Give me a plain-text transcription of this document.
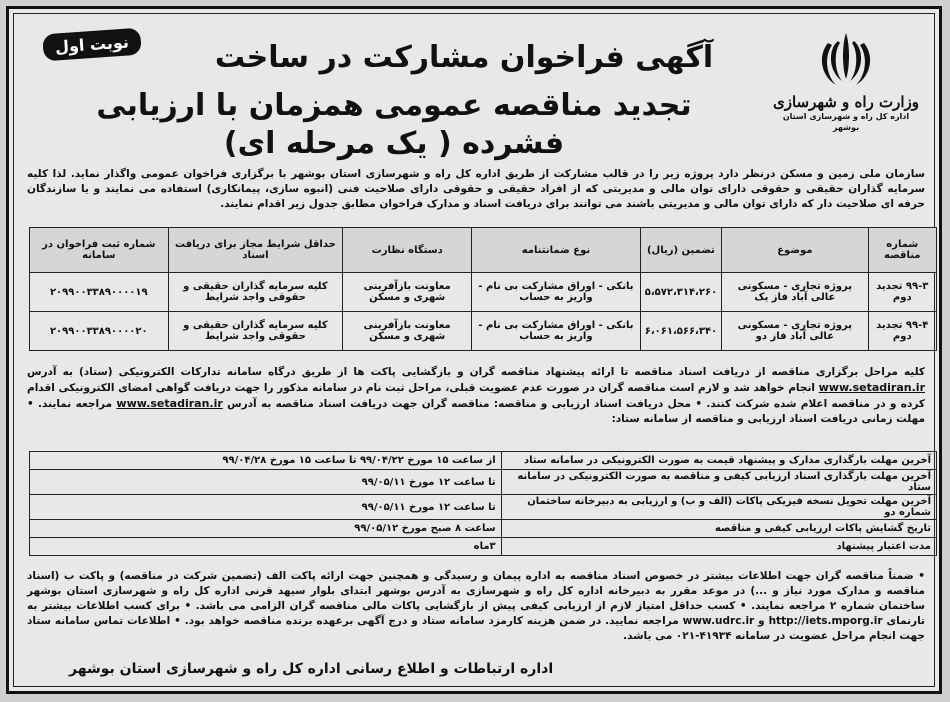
نوبت اول	آگهی فراخوان مشارکت در ساخت
تجدید مناقصه عمومی همزمان با ارزیابی فشرده ( یک مرحله ای)
وزارت راه و شهرسازی
اداره کل راه و شهرسازی استان بوشهر
سازمان ملی زمین و مسکن درنظر دارد پروژه زیر را در قالب مشارکت از طریق اداره کل راه و شهرسازی استان بوشهر با برگزاری فراخوان عمومی واگذار نماید. لذا کلیه سرمایه گذاران حقیقی و حقوقی دارای توان مالی و مدیریتی که از افراد حقیقی و حقوقی دارای صلاحیت فنی (انبوه سازی، پیمانکاری) استفاده می نمایند و یا سازندگان حرفه ای صلاحیت دار که دارای توان مالی و مدیریتی باشند می توانند برای دریافت اسناد و مدارک فراخوان مطابق جدول زیر اقدام نمایند.
شماره مناقصه	موضوع	تضمین (ریال)	نوع ضمانتنامه	دستگاه نظارت	حداقل شرایط مجاز برای دریافت اسناد	شماره ثبت فراخوان در سامانه
۹۹-۳ تجدید دوم	پروژه تجاری - مسکونی عالی آباد فاز یک	۵،۵۷۲،۳۱۴،۲۶۰	بانکی - اوراق مشارکت بی نام - واریز به حساب	معاونت بازآفرینی شهری و مسکن	کلیه سرمایه گذاران حقیقی و حقوقی واجد شرایط	۲۰۹۹۰۰۳۳۸۹۰۰۰۰۱۹
۹۹-۴ تجدید دوم	پروژه تجاری - مسکونی عالی آباد فاز دو	۶،۰۶۱،۵۶۶،۳۴۰	بانکی - اوراق مشارکت بی نام - واریز به حساب	معاونت بازآفرینی شهری و مسکن	کلیه سرمایه گذاران حقیقی و حقوقی واجد شرایط	۲۰۹۹۰۰۳۳۸۹۰۰۰۰۲۰
کلیه مراحل برگزاری مناقصه از دریافت اسناد مناقصه تا ارائه پیشنهاد مناقصه گران و بازگشایی پاکت ها از طریق درگاه سامانه تدارکات الکترونیکی (ستاد) به آدرس www.setadiran.ir انجام خواهد شد و لازم است مناقصه گران در صورت عدم عضویت قبلی، مراحل ثبت نام در سامانه مذکور را جهت دریافت گواهی امضای الکترونیکی اقدام کرده و در مناقصه اعلام شده شرکت کنند. • محل دریافت اسناد ارزیابی و مناقصه: مناقصه گران جهت دریافت اسناد مناقصه به آدرس www.setadiran.ir مراجعه نمایند. • مهلت زمانی دریافت اسناد ارزیابی و مناقصه از سامانه ستاد:
آخرین مهلت بارگذاری مدارک و پیشنهاد قیمت به صورت الکترونیکی در سامانه ستاد	از ساعت ۱۵ مورخ ۹۹/۰۴/۲۲ تا ساعت ۱۵ مورخ ۹۹/۰۴/۲۸
آخرین مهلت بارگذاری اسناد ارزیابی کیفی و مناقصه به صورت الکترونیکی در سامانه ستاد	تا ساعت ۱۲ مورخ ۹۹/۰۵/۱۱
آخرین مهلت تحویل نسخه فیزیکی پاکات (الف و ب) و ارزیابی به دبیرخانه ساختمان شماره دو	تا ساعت ۱۲ مورخ ۹۹/۰۵/۱۱
تاریخ گشایش پاکات ارزیابی کیفی و مناقصه	ساعت ۸ صبح مورخ ۹۹/۰۵/۱۲
مدت اعتبار پیشنهاد	۳ماه
• ضمناً مناقصه گران جهت اطلاعات بیشتر در خصوص اسناد مناقصه به اداره پیمان و رسیدگی و همچنین جهت ارائه پاکت الف (تضمین شرکت در مناقصه) و پاکت ب (اسناد مناقصه و مدارک مورد نیاز و ...) در موعد مقرر به دبیرخانه اداره کل راه و شهرسازی به آدرس بوشهر ابتدای بلوار سیهد قرنی اداره کل راه و شهرسازی استان بوشهر ساختمان شماره ۲ مراجعه نمایند. • کسب حداقل امتیاز لازم از ارزیابی کیفی پیش از بازگشایی پاکات مالی مناقصه گران الزامی می باشد. • برای کسب اطلاعات بیشتر به تارنمای http://iets.mporg.ir و www.udrc.ir مراجعه نمایید. در ضمن هزینه کارمزد سامانه ستاد و درج آگهی برعهده برنده مناقصه خواهد بود. • اطلاعات تماس سامانه ستاد جهت انجام مراحل عضویت در سامانه ۴۱۹۳۴-۰۲۱ می باشد.
اداره ارتباطات و اطلاع رسانی اداره کل راه و شهرسازی استان بوشهر
